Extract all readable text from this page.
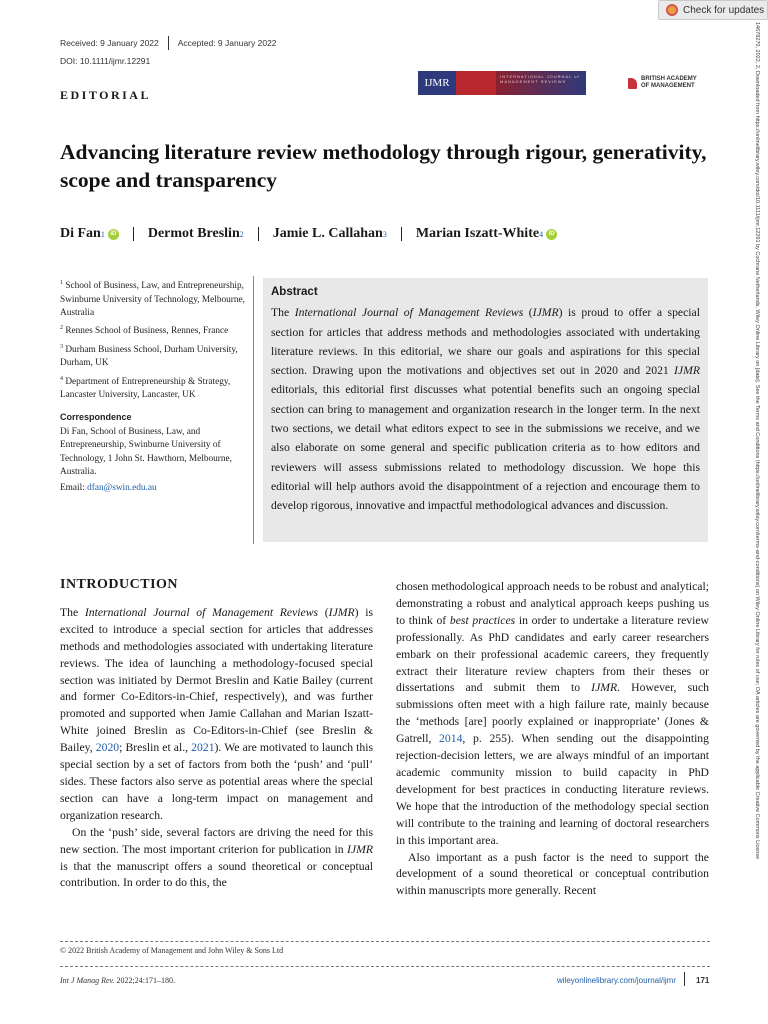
Check for updates
14678270, 2022, 2, Downloaded from https://onlinelibrary.wiley.com/doi/10.1111/ijmr.12291 by Cochrane Netherlands, Wiley Online Library on [date]. See the Terms and Conditions (https://onlinelibrary.wiley.com/terms-and-conditions) on Wiley Online Library for rules of use; OA articles are governed by the applicable Creative Commons License
Received: 9 January 2022 Accepted: 9 January 2022
DOI: 10.1111/ijmr.12291
EDITORIAL
IJMR
INTERNATIONAL JOURNAL of MANAGEMENT REVIEWS	BRITISH ACADEMY
OF MANAGEMENT
Advancing literature review methodology through rigour, generativity, scope and transparency
Di Fan 1 iD Dermot Breslin 2 Jamie L. Callahan 3 Marian Iszatt-White 4 iD

$^1$ School of Business, Law, and Entrepreneurship, Swinburne University of Technology, Melbourne, Australia

$^2$ Rennes School of Business, Rennes, France

$^3$ Durham Business School, Durham University, Durham, UK

$^4$ Department of Entrepreneurship & Strategy, Lancaster University, Lancaster, UK

Correspondence

Di Fan, School of Business, Law, and Entrepreneurship, Swinburne University of Technology, 1 John St. Hawthorn, Melbourne, Australia.

Email: dfan@swin.edu.au

Abstract

The International Journal of Management Reviews (IJMR) is proud to offer a special section for articles that address methods and methodologies associated with undertaking literature reviews. In this editorial, we share our goals and aspirations for this special section. Drawing upon the motivations and objectives set out in 2020 and 2021 IJMR editorials, this editorial first discusses what potential benefits such an ongoing special section can bring to management and organization research in the longer term. In the next two sections, we detail what editors expect to see in the submissions we receive, and we also elaborate on some general and specific publication criteria as to how editors and reviewers will assess submissions related to methodology discussion. We hope this editorial will help authors avoid the disappointment of a rejection and encourage them to develop rigorous, innovative and impactful methodological advances and discussion.

INTRODUCTION

The International Journal of Management Reviews (IJMR) is excited to introduce a special section for articles that addresses methods and methodologies associated with undertaking literature reviews. The idea of launching a methodology-focused special section was initiated by Dermot Breslin and Katie Bailey (current and former Co-Editors-in-Chief, respectively), and was further promoted and supported when Jamie Callahan and Marian Iszatt-White joined Breslin as Co-Editors-in-Chief (see Breslin & Bailey, 2020; Breslin et al., 2021). We are motivated to launch this special section by a set of factors from both the ‘push’ and ‘pull’ sides. These factors also serve as potential areas where the special section can have a long-term impact on management and organization research.

On the ‘push’ side, several factors are driving the need for this new section. The most important criterion for publication in IJMR is that the manuscript offers a sound theoretical or conceptual contribution. In order to do this, the

chosen methodological approach needs to be robust and analytical; demonstrating a robust and analytical approach keeps pushing us to think of best practices in order to undertake a literature review professionally. As PhD candidates and early career researchers embark on their professional academic careers, they frequently extract their literature review chapters from their theses or dissertations and submit them to IJMR. However, such submissions often meet with a high failure rate, mainly because the ‘methods [are] poorly explained or inappropriate’ (Jones & Gatrell, 2014, p. 255). When sending out the disappointing rejection-decision letters, we are always mindful of an important academic community mission to build capacity in PhD development for best practices in conducting literature reviews. We hope that the introduction of the methodology special section will contribute to the training and learning of doctoral researchers in this important area.

Also important as a push factor is the need to support the development of a sound theoretical or conceptual contribution within manuscripts more generally. Recent

© 2022 British Academy of Management and John Wiley & Sons Ltd
Int J Manag Rev. 2022;24:171–180.	wileyonlinelibrary.com/journal/ijmr	171
